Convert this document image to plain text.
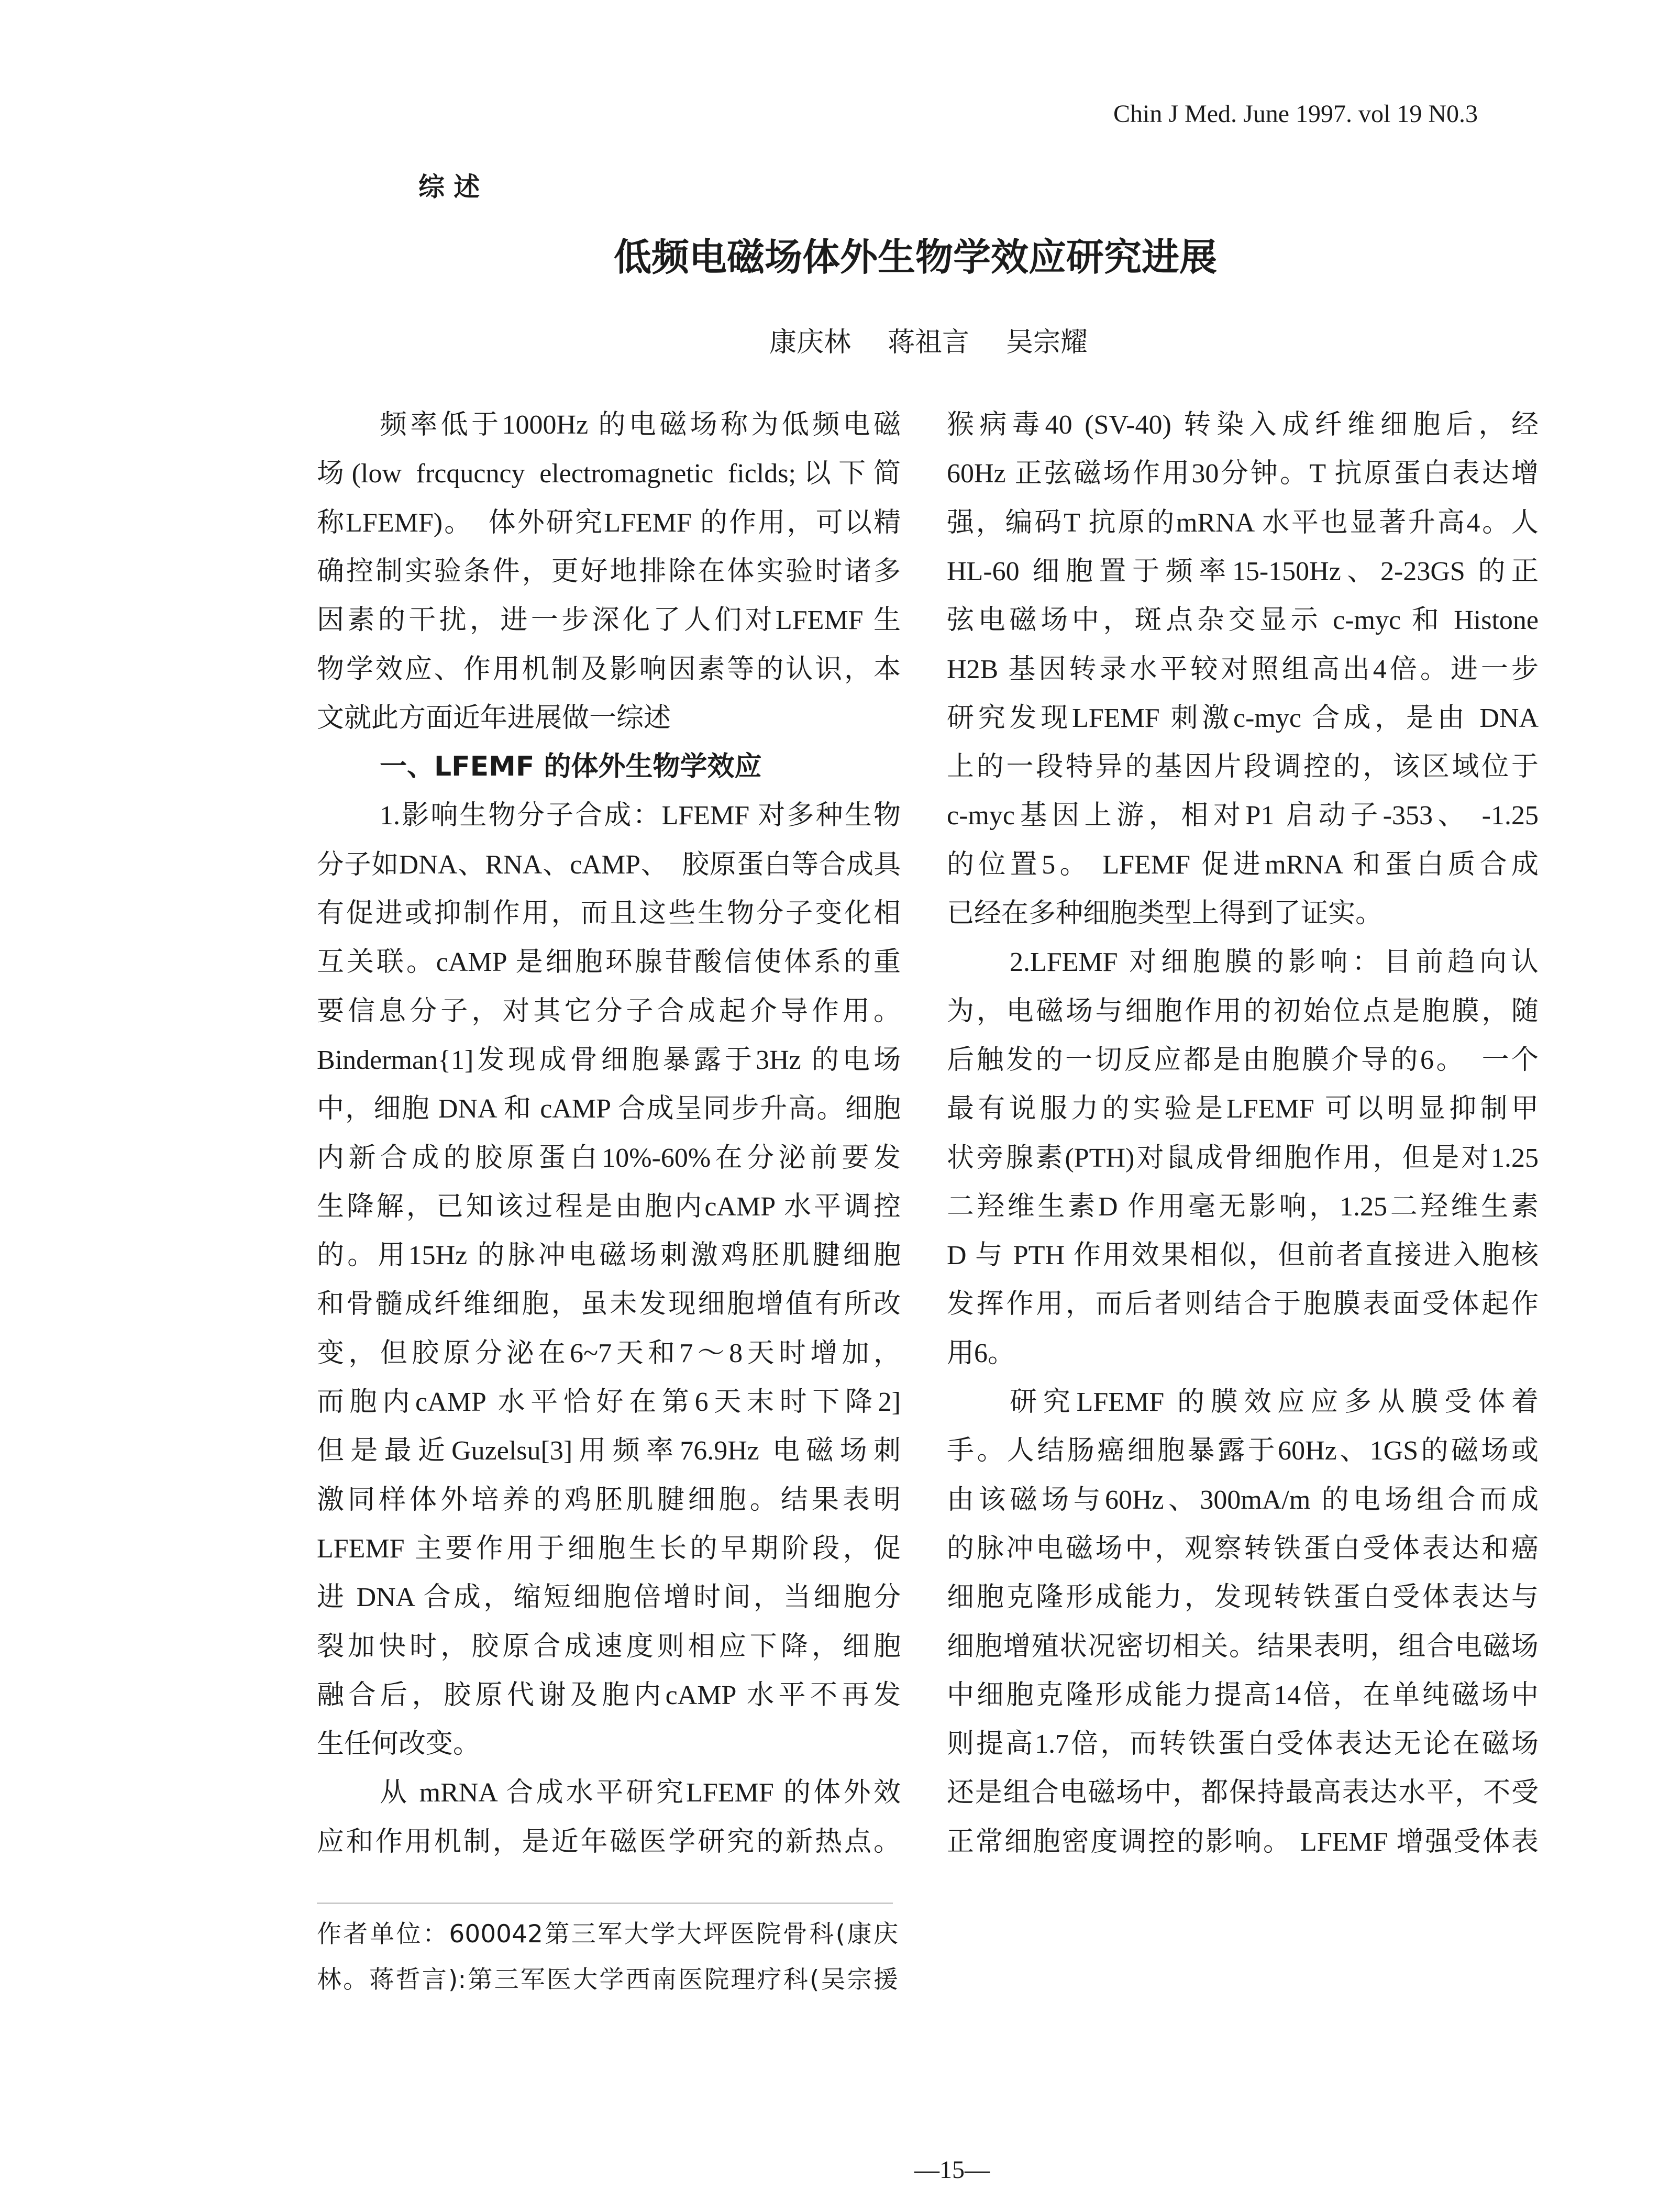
Chin J Med. June 1997. vol 19 N0.3
综 述
低频电磁场体外生物学效应研究进展
康庆林 蒋祖言 吴宗耀
频率低于1000Hz 的电磁场称为低频电磁
场(low frcqucncy electromagnetic ficlds;以下简
称LFEMF)。　体外研究LFEMF 的作用，可以精
确控制实验条件，更好地排除在体实验时诸多
因素的干扰，进一步深化了人们对LFEMF 生
物学效应、作用机制及影响因素等的认识，本
文就此方面近年进展做一综述
一、LFEMF 的体外生物学效应
1.影响生物分子合成：LFEMF 对多种生物
分子如DNA、RNA、cAMP、　胶原蛋白等合成具
有促进或抑制作用，而且这些生物分子变化相
互关联。cAMP 是细胞环腺苷酸信使体系的重
要信息分子，对其它分子合成起介导作用。
Binderman{1]发现成骨细胞暴露于3Hz 的电场
中，细胞 DNA 和 cAMP 合成呈同步升高。细胞
内新合成的胶原蛋白10%-60%在分泌前要发
生降解，已知该过程是由胞内cAMP 水平调控
的。用15Hz 的脉冲电磁场刺激鸡胚肌腱细胞
和骨髓成纤维细胞，虽未发现细胞增值有所改
变，但胶原分泌在6~7天和7～8天时增加，
而胞内cAMP 水平恰好在第6天末时下降2]
但是最近Guzelsu[3]用频率76.9Hz 电磁场刺
激同样体外培养的鸡胚肌腱细胞。结果表明
LFEMF 主要作用于细胞生长的早期阶段，促
进 DNA 合成，缩短细胞倍增时间，当细胞分
裂加快时，胶原合成速度则相应下降，细胞
融合后，胶原代谢及胞内cAMP 水平不再发
生任何改变。
从 mRNA 合成水平研究LFEMF 的体外效
应和作用机制，是近年磁医学研究的新热点。
猴病毒40 (SV-40) 转染入成纤维细胞后，经
60Hz 正弦磁场作用30分钟。T 抗原蛋白表达增
强，编码T 抗原的mRNA 水平也显著升高4。人
HL-60 细胞置于频率15-150Hz、2-23GS 的正
弦电磁场中，斑点杂交显示 c-myc 和 Histone
H2B 基因转录水平较对照组高出4倍。进一步
研究发现LFEMF 刺激c-myc 合成，是由 DNA
上的一段特异的基因片段调控的，该区域位于
c-myc基因上游，相对P1 启动子-353、 -1.25
的位置5。 LFEMF 促进mRNA 和蛋白质合成
已经在多种细胞类型上得到了证实。
2.LFEMF 对细胞膜的影响：目前趋向认
为，电磁场与细胞作用的初始位点是胞膜，随
后触发的一切反应都是由胞膜介导的6。　一个
最有说服力的实验是LFEMF 可以明显抑制甲
状旁腺素(PTH)对鼠成骨细胞作用，但是对1.25
二羟维生素D 作用毫无影响，1.25二羟维生素
D 与 PTH 作用效果相似，但前者直接进入胞核
发挥作用，而后者则结合于胞膜表面受体起作
用6。
研究LFEMF 的膜效应应多从膜受体着
手。人结肠癌细胞暴露于60Hz、1GS的磁场或
由该磁场与60Hz、300mA/m 的电场组合而成
的脉冲电磁场中，观察转铁蛋白受体表达和癌
细胞克隆形成能力，发现转铁蛋白受体表达与
细胞增殖状况密切相关。结果表明，组合电磁场
中细胞克隆形成能力提高14倍，在单纯磁场中
则提高1.7倍，而转铁蛋白受体表达无论在磁场
还是组合电磁场中，都保持最高表达水平，不受
正常细胞密度调控的影响。 LFEMF 增强受体表
作者单位：600042第三军大学大坪医院骨科(康庆
林。蒋哲言):第三军医大学西南医院理疗科(吴宗援
—15—
